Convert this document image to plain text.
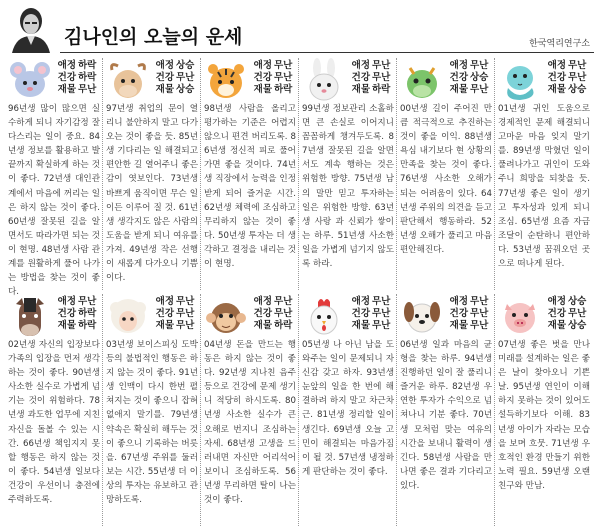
김나인의 오늘의 운세	한국역리연구소
애정 하락
건강 하락
재물 무난
96년생 많이 많으면 실수하게 되니 자기감정 잘 다스리는 일이 중요. 84년생 정보를 활용하고 발끝까지 확실하게 하는 것이 좋다. 72년생 대인관계에서 마음에 꺼리는 일은 하지 않는 것이 좋다. 60년생 잘못된 길을 알면서도 따라가면 되는 것이 현명. 48년생 사람 관계를 원활하게 풀어 나가는 방법을 찾는 것이 좋다.
애정 상승
건강 무난
재물 상승
97년생 취업의 문이 열리니 불안하지 말고 다가오는 것이 좋을 듯. 85년생 기다리는 일 해결되고 편안한 길 열어주니 좋은 감이 엿보인다. 73년생 바쁘게 움직이면 무슨 일이든 이루어 질 것. 61년생 생각지도 않은 사람의 도움을 받게 되니 여유를 가져. 49년생 작은 선행이 새롭게 다가오니 기쁨이다.
애정 무난
건강 무난
재물 하락
98년생 사람을 올리고 평가하는 기준은 어렵지 않으니 편견 버리도록. 86년생 정신적 피로 풀어 가면 좋을 것이다. 74년생 직장에서 능력을 인정받게 되어 즐거운 시간. 62년생 체력에 조심하고 무리하지 않는 것이 좋다. 50년생 투자는 더 생각하고 결정을 내리는 것이 현명.
애정 무난
건강 무난
재물 하락
99년생 정보관리 소홀하면 큰 손실로 이어지니 꼼꼼하게 챙겨두도록. 87년생 잘못된 길을 알면서도 계속 행하는 것은 위험한 방향. 75년생 남의 말만 믿고 투자하는 일은 위험한 방향. 63년생 사랑 과 신뢰가 쌓이는 하루. 51년생 사소한 일을 가볍게 넘기지 않도록 하라.
애정 무난
건강 상승
재물 무난
00년생 길이 주어진 만큼 적극적으로 추진하는 것이 좋을 이익. 88년생 욕심 내기보다 현 상황의 만족을 찾는 것이 좋다. 76년생 사소한 오해가 되는 어려움이 있다. 64년생 주위의 의견을 듣고 판단해서 행동하라. 52년생 오해가 풀리고 마음 편안해진다.
애정 무난
건강 무난
재물 상승
01년생 귀인 도움으로 경제적인 문제 해결되니 고마운 마음 잊지 말기를. 89년생 막혔던 일이 풀려나가고 귀인이 도와주니 희망을 되찾을 듯. 77년생 좋은 일이 생기고 투자성과 있게 되니 조심. 65년생 요즘 자금 조달이 순탄하니 편안하다. 53년생 꿈꿔오던 곳으로 떠나게 된다.
애정 무난
건강 하락
재물 하락
02년생 자신의 입장보다 가족의 입장을 먼저 생각하는 것이 좋다. 90년생 사소한 실수로 가볍게 넘기는 것이 위험하다. 78년생 과도한 업무에 지친 자신을 돌볼 수 있는 시간. 66년생 책임지지 못할 행동은 하지 않는 것이 좋다. 54년생 일보다 건강이 우선이니 충전에 주력하도록.
애정 무난
건강 무난
재물 무난
03년생 보이스피싱 도박 등의 불법적인 행동은 하지 않는 것이 좋다. 91년생 인맥이 다시 한번 펼쳐지는 것이 좋으니 잡혀 없애지 말기를. 79년생 약속은 확실히 해두는 것이 좋으니 기록하는 버릇을. 67년생 주위를 둘러보는 시간. 55년생 더 이상의 투자는 유보하고 관망하도록.
애정 무난
건강 무난
재물 하락
04년생 돈을 만드는 행동은 하지 않는 것이 좋다. 92년생 지나친 음주 등으로 건강에 문제 생기니 적당히 하시도록. 80년생 사소한 실수가 큰 오해로 번지니 조심하는 자세. 68년생 고생을 드러내면 자신만 어리석어 보이니 조심하도록. 56년생 무리하면 탈이 나는 것이 좋다.
애정 무난
건강 무난
재물 무난
05년생 나 아닌 남을 도와주는 일이 문제되니 자신감 갖고 하자. 93년생 눈앞의 일을 한 번에 해결하려 하지 말고 차근차근. 81년생 정리할 일이 생긴다. 69년생 오늘 고민이 해결되는 마음가짐이 될 것. 57년생 냉정하게 판단하는 것이 좋다.
애정 무난
건강 무난
재물 무난
06년생 일과 마음의 균형을 찾는 하루. 94년생 진행하던 일이 잘 풀리니 즐거운 하루. 82년생 우연한 투자가 수익으로 넘쳐나니 기분 좋다. 70년생 모처럼 맞는 여유의 시간을 보내니 활력이 생긴다. 58년생 사람을 만나면 좋은 결과 기다리고 있다.
애정 상승
건강 무난
재물 상승
07년생 좋은 벗을 만나 미래를 설계하는 일은 좋은 날이 찾아오니 기쁜 날. 95년생 연인이 이해하지 못하는 것이 있어도 설득하기보다 이해. 83년생 아이가 자라는 모습을 보며 흐뭇. 71년생 우호적인 환경 만들기 위한 노력 필요. 59년생 오랜 친구와 만남.
